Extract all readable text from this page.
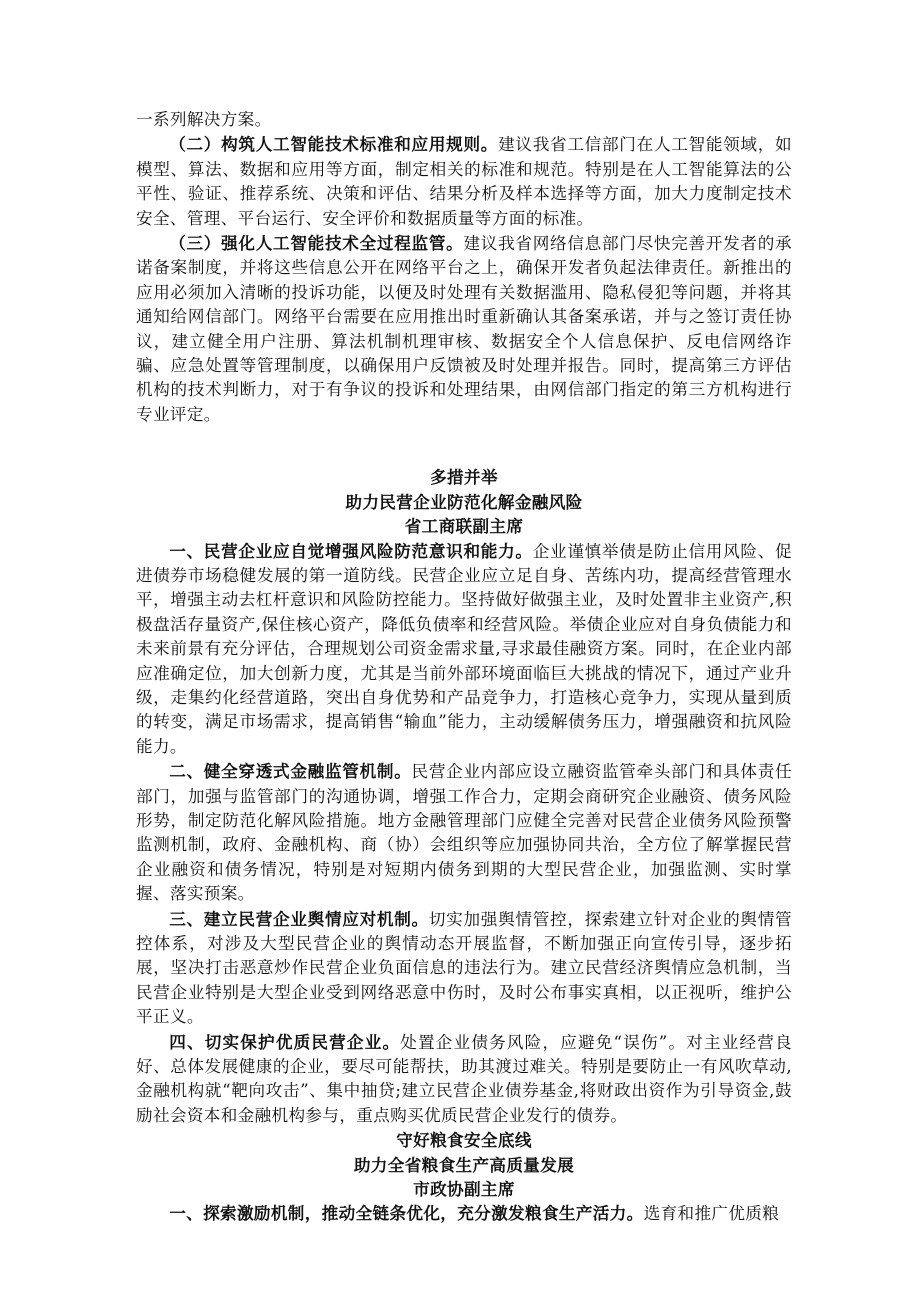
一系列解决方案。

（二）构筑人工智能技术标准和应用规则。建议我省工信部门在人工智能领域，如模型、算法、数据和应用等方面，制定相关的标准和规范。特别是在人工智能算法的公平性、验证、推荐系统、决策和评估、结果分析及样本选择等方面，加大力度制定技术安全、管理、平台运行、安全评价和数据质量等方面的标准。

（三）强化人工智能技术全过程监管。建议我省网络信息部门尽快完善开发者的承诺备案制度，并将这些信息公开在网络平台之上，确保开发者负起法律责任。新推出的应用必须加入清晰的投诉功能，以便及时处理有关数据滥用、隐私侵犯等问题，并将其通知给网信部门。网络平台需要在应用推出时重新确认其备案承诺，并与之签订责任协议，建立健全用户注册、算法机制机理审核、数据安全个人信息保护、反电信网络诈骗、应急处置等管理制度，以确保用户反馈被及时处理并报告。同时，提高第三方评估机构的技术判断力，对于有争议的投诉和处理结果，由网信部门指定的第三方机构进行专业评定。

多措并举

助力民营企业防范化解金融风险

省工商联副主席

一、民营企业应自觉增强风险防范意识和能力。企业谨慎举债是防止信用风险、促进债券市场稳健发展的第一道防线。民营企业应立足自身、苦练内功，提高经营管理水平，增强主动去杠杆意识和风险防控能力。坚持做好做强主业，及时处置非主业资产,积极盘活存量资产,保住核心资产，降低负债率和经营风险。举债企业应对自身负债能力和未来前景有充分评估，合理规划公司资金需求量,寻求最佳融资方案。同时，在企业内部应准确定位，加大创新力度，尤其是当前外部环境面临巨大挑战的情况下，通过产业升级，走集约化经营道路，突出自身优势和产品竞争力，打造核心竞争力，实现从量到质的转变，满足市场需求，提高销售“输血”能力，主动缓解债务压力，增强融资和抗风险能力。

二、健全穿透式金融监管机制。民营企业内部应设立融资监管牵头部门和具体责任部门，加强与监管部门的沟通协调，增强工作合力，定期会商研究企业融资、债务风险形势，制定防范化解风险措施。地方金融管理部门应健全完善对民营企业债务风险预警监测机制，政府、金融机构、商（协）会组织等应加强协同共治，全方位了解掌握民营企业融资和债务情况，特别是对短期内债务到期的大型民营企业，加强监测、实时掌握、落实预案。

三、建立民营企业舆情应对机制。切实加强舆情管控，探索建立针对企业的舆情管控体系，对涉及大型民营企业的舆情动态开展监督，不断加强正向宣传引导，逐步拓展，坚决打击恶意炒作民营企业负面信息的违法行为。建立民营经济舆情应急机制，当民营企业特别是大型企业受到网络恶意中伤时，及时公布事实真相，以正视听，维护公平正义。

四、切实保护优质民营企业。处置企业债务风险，应避免“误伤”。对主业经营良好、总体发展健康的企业，要尽可能帮扶，助其渡过难关。特别是要防止一有风吹草动,金融机构就“靶向攻击”、集中抽贷;建立民营企业债券基金,将财政出资作为引导资金,鼓励社会资本和金融机构参与，重点购买优质民营企业发行的债券。

守好粮食安全底线

助力全省粮食生产高质量发展

市政协副主席

一、探索激励机制，推动全链条优化，充分激发粮食生产活力。选育和推广优质粮
